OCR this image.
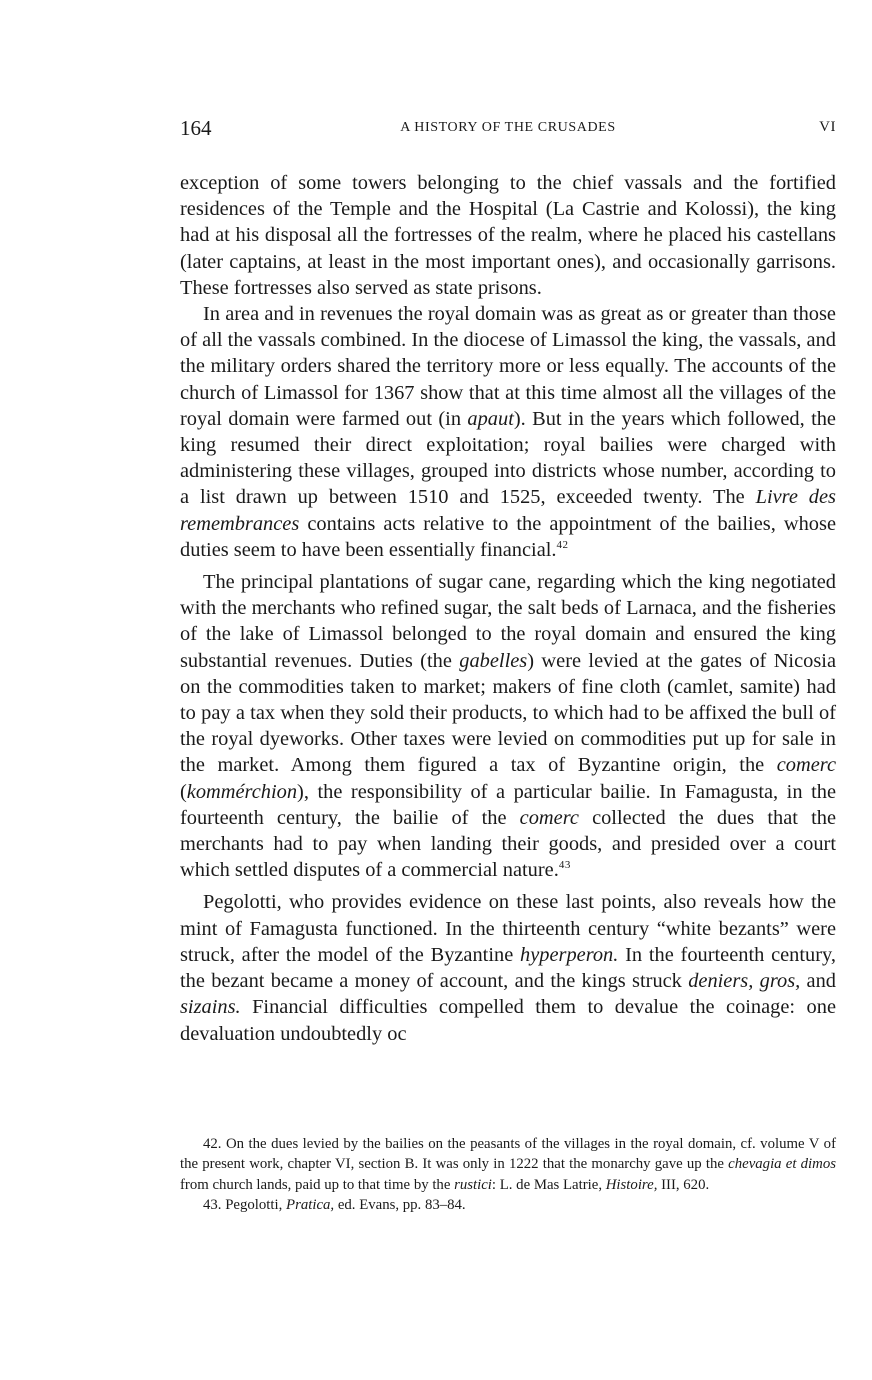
164	A HISTORY OF THE CRUSADES	VI

exception of some towers belonging to the chief vassals and the fortified residences of the Temple and the Hospital (La Castrie and Kolossi), the king had at his disposal all the fortresses of the realm, where he placed his castellans (later captains, at least in the most important ones), and occasionally garrisons. These fortresses also served as state prisons.

In area and in revenues the royal domain was as great as or greater than those of all the vassals combined. In the diocese of Limassol the king, the vassals, and the military orders shared the territory more or less equally. The accounts of the church of Limassol for 1367 show that at this time almost all the villages of the royal domain were farmed out (in apaut). But in the years which followed, the king resumed their direct exploitation; royal bailies were charged with administering these villages, grouped into districts whose number, according to a list drawn up between 1510 and 1525, exceeded twenty. The Livre des remembrances contains acts relative to the appointment of the bailies, whose duties seem to have been essentially financial.$^{42}$

The principal plantations of sugar cane, regarding which the king negotiated with the merchants who refined sugar, the salt beds of Larnaca, and the fisheries of the lake of Limassol belonged to the royal domain and ensured the king substantial revenues. Duties (the gabelles) were levied at the gates of Nicosia on the commodities taken to market; makers of fine cloth (camlet, samite) had to pay a tax when they sold their products, to which had to be affixed the bull of the royal dyeworks. Other taxes were levied on commodities put up for sale in the market. Among them figured a tax of Byzantine origin, the comerc (kommérchion), the responsibility of a particular bailie. In Famagusta, in the fourteenth century, the bailie of the comerc collected the dues that the merchants had to pay when landing their goods, and presided over a court which settled disputes of a commercial nature.$^{43}$

Pegolotti, who provides evidence on these last points, also reveals how the mint of Famagusta functioned. In the thirteenth century “white bezants” were struck, after the model of the Byzantine hyperperon. In the fourteenth century, the bezant became a money of account, and the kings struck deniers, gros, and sizains. Financial difficulties compelled them to devalue the coinage: one devaluation undoubtedly oc

42. On the dues levied by the bailies on the peasants of the villages in the royal domain, cf. volume V of the present work, chapter VI, section B. It was only in 1222 that the monarchy gave up the chevagia et dimos from church lands, paid up to that time by the rustici: L. de Mas Latrie, Histoire, III, 620.

43. Pegolotti, Pratica, ed. Evans, pp. 83–84.
